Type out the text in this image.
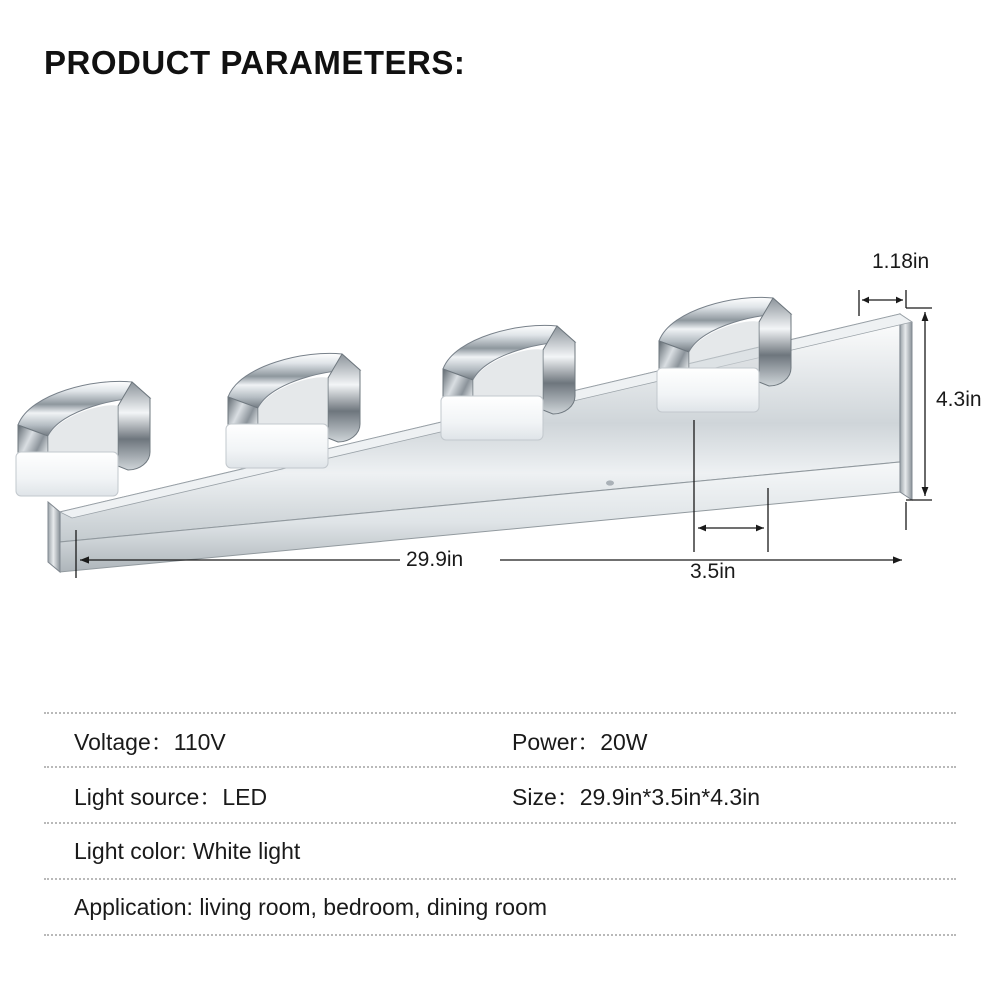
PRODUCT PARAMETERS:
1.18in
4.3in
29.9in
3.5in
Voltage：110V	Power：20W
Light source：LED	Size：29.9in*3.5in*4.3in
Light color: White light
Application: living room, bedroom, dining room
